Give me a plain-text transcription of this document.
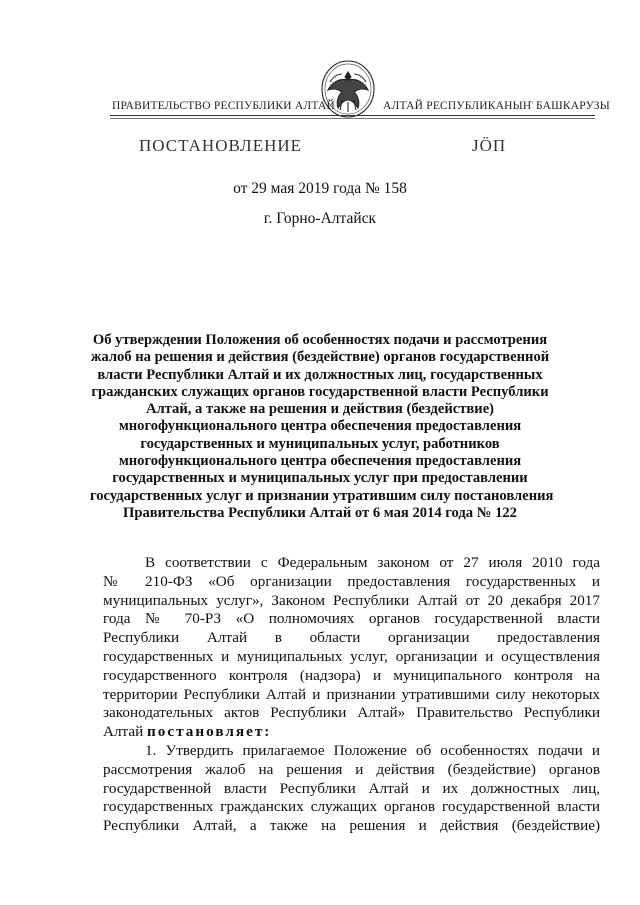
ПРАВИТЕЛЬСТВО РЕСПУБЛИКИ АЛТАЙ	АЛТАЙ РЕСПУБЛИКАНЫҤ БАШКАРУЗЫ
ПОСТАНОВЛЕНИЕ	JӦП
от 29 мая 2019 года № 158
г. Горно-Алтайск
Об утверждении Положения об особенностях подачи и рассмотрения
жалоб на решения и действия (бездействие) органов государственной
власти Республики Алтай и их должностных лиц, государственных
гражданских служащих органов государственной власти Республики
Алтай, а также на решения и действия (бездействие)
многофункционального центра обеспечения предоставления
государственных и муниципальных услуг, работников
многофункционального центра обеспечения предоставления
государственных и муниципальных услуг при предоставлении
государственных услуг и признании утратившим силу постановления
Правительства Республики Алтай от 6 мая 2014 года № 122
В соответствии с Федеральным законом от 27 июля 2010 года
№ 210-ФЗ «Об организации предоставления государственных и
муниципальных услуг», Законом Республики Алтай от 20 декабря 2017
года № 70-РЗ «О полномочиях органов государственной власти
Республики Алтай в области организации предоставления
государственных и муниципальных услуг, организации и осуществления
государственного контроля (надзора) и муниципального контроля на
территории Республики Алтай и признании утратившими силу некоторых
законодательных актов Республики Алтай» Правительство Республики
Алтай постановляет:
1. Утвердить прилагаемое Положение об особенностях подачи и
рассмотрения жалоб на решения и действия (бездействие) органов
государственной власти Республики Алтай и их должностных лиц,
государственных гражданских служащих органов государственной власти
Республики Алтай, а также на решения и действия (бездействие)
